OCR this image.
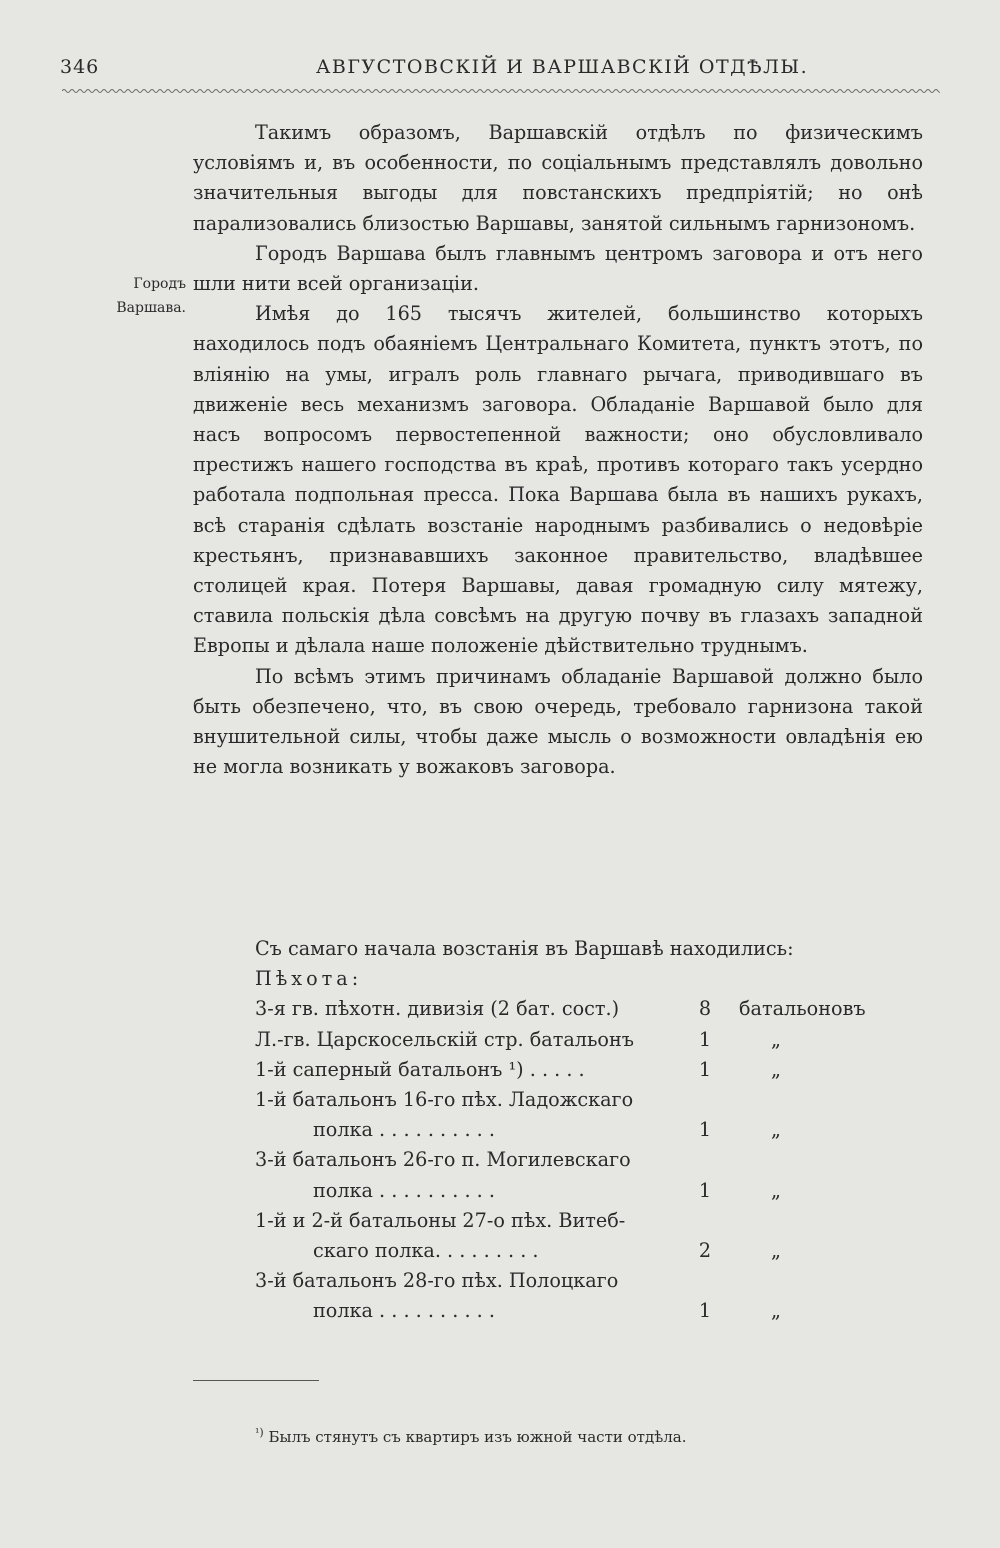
346	АВГУСТОВСКІЙ И ВАРШАВСКІЙ ОТДѢЛЫ.
Городъ Варшава.

Такимъ образомъ, Варшавскій отдѣлъ по физическимъ условіямъ и, въ особенности, по соціальнымъ представлялъ довольно значительныя выгоды для повстанскихъ предпріятій; но онѣ парализовались близостью Варшавы, занятой сильнымъ гарнизономъ.

Городъ Варшава былъ главнымъ центромъ заговора и отъ него шли нити всей организаціи.

Имѣя до 165 тысячъ жителей, большинство которыхъ находилось подъ обаяніемъ Центральнаго Комитета, пунктъ этотъ, по вліянію на умы, игралъ роль главнаго рычага, приводившаго въ движеніе весь механизмъ заговора. Обладаніе Варшавой было для насъ вопросомъ первостепенной важности; оно обусловливало престижъ нашего господства въ краѣ, противъ котораго такъ усердно работала подпольная пресса. Пока Варшава была въ нашихъ рукахъ, всѣ старанія сдѣлать возстаніе народнымъ разбивались о недовѣріе крестьянъ, признававшихъ законное правительство, владѣвшее столицей края. Потеря Варшавы, давая громадную силу мятежу, ставила польскія дѣла совсѣмъ на другую почву въ глазахъ западной Европы и дѣлала наше положеніе дѣйствительно труднымъ.

По всѣмъ этимъ причинамъ обладаніе Варшавой должно было быть обезпечено, что, въ свою очередь, требовало гарнизона такой внушительной силы, чтобы даже мысль о возможности овладѣнія ею не могла возникать у вожаковъ заговора.

Съ самаго начала возстанія въ Варшавѣ находились:

Пѣхота:

3-я гв. пѣхотн. дивизія (2 бат. сост.)	8	батальоновъ
Л.-гв. Царскосельскій стр. батальонъ	1	„
1-й саперный батальонъ ¹) . . . . .	1	„
1-й батальонъ 16-го пѣх. Ладожскаго
полка . . . . . . . . . .	1	„
3-й батальонъ 26-го п. Могилевскаго
полка . . . . . . . . . .	1	„
1-й и 2-й батальоны 27-о пѣх. Витеб-
скаго полка. . . . . . . . .	2	„
3-й батальонъ 28-го пѣх. Полоцкаго
полка . . . . . . . . . .	1	„
$^{^1)}$ Былъ стянутъ съ квартиръ изъ южной части отдѣла.
